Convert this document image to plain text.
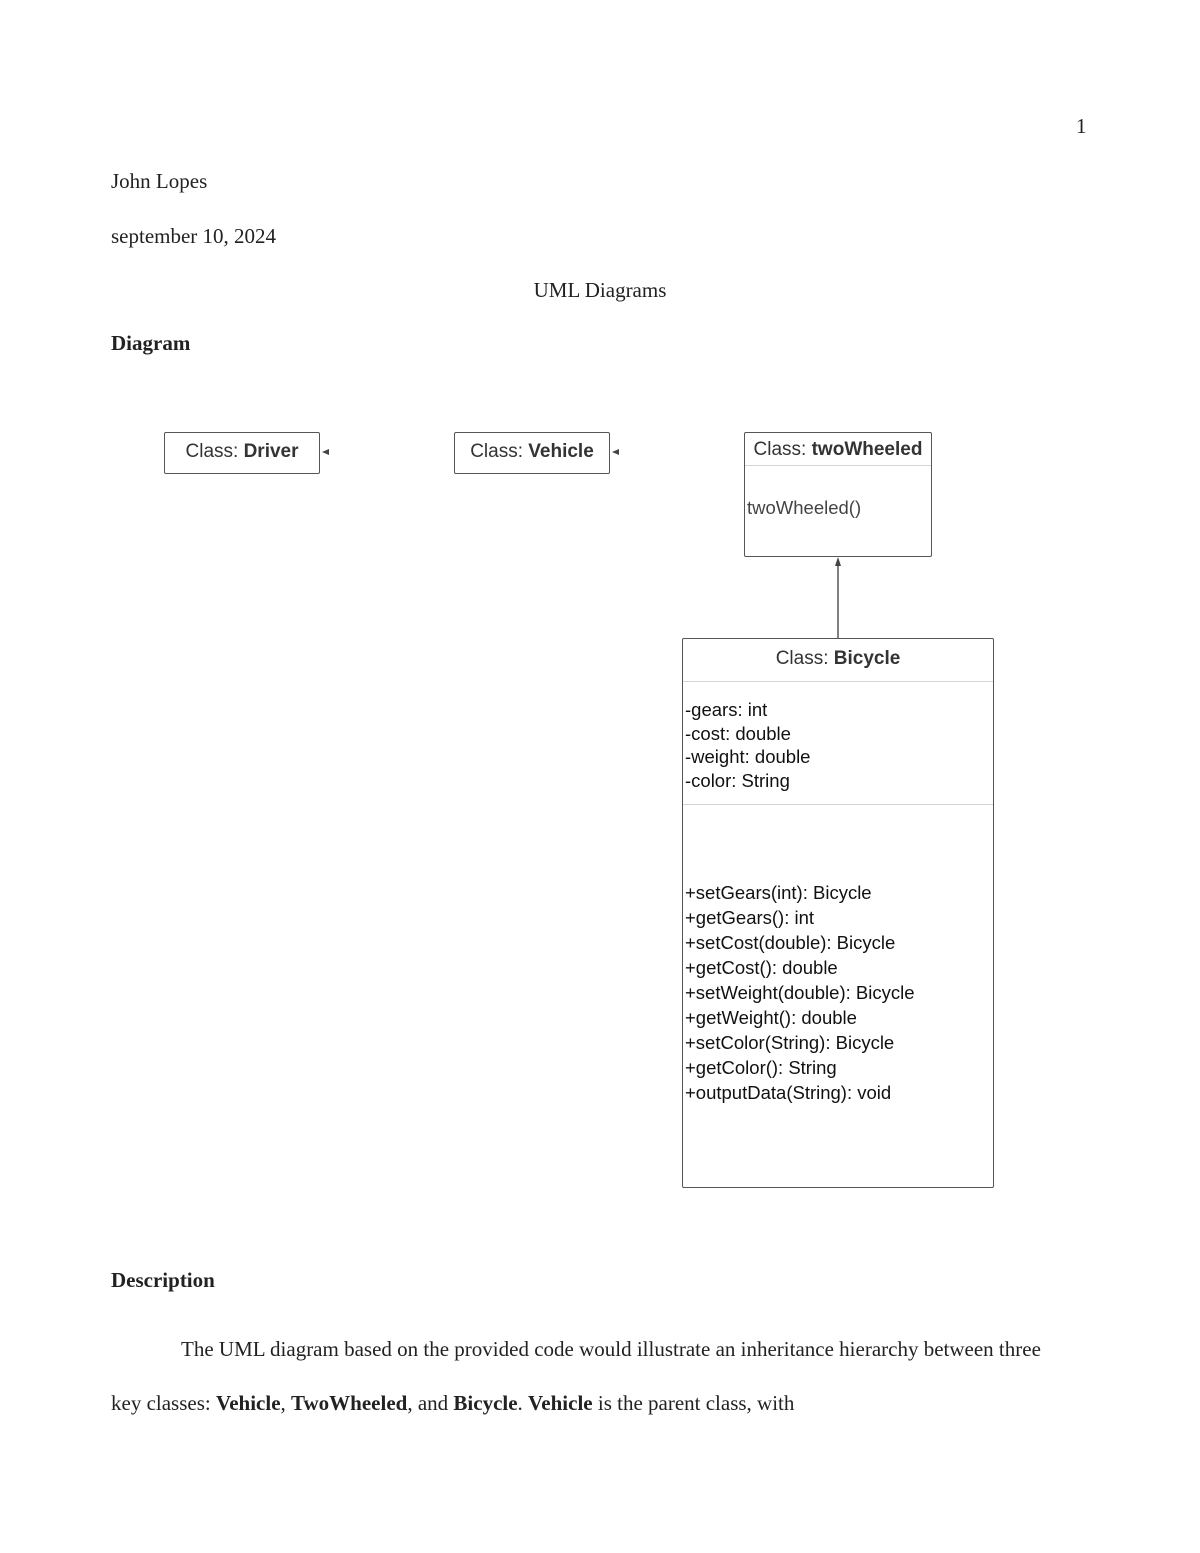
1
John Lopes
september 10, 2024
UML Diagrams
Diagram
Class: Driver	Class: Vehicle	Class: twoWheeled
twoWheeled()
Class: Bicycle
-gears: int
-cost: double
-weight: double
-color: String
+setGears(int): Bicycle
+getGears(): int
+setCost(double): Bicycle
+getCost(): double
+setWeight(double): Bicycle
+getWeight(): double
+setColor(String): Bicycle
+getColor(): String
+outputData(String): void
Description
The UML diagram based on the provided code would illustrate an inheritance hierarchy between three key classes: Vehicle, TwoWheeled, and Bicycle. Vehicle is the parent class, with
